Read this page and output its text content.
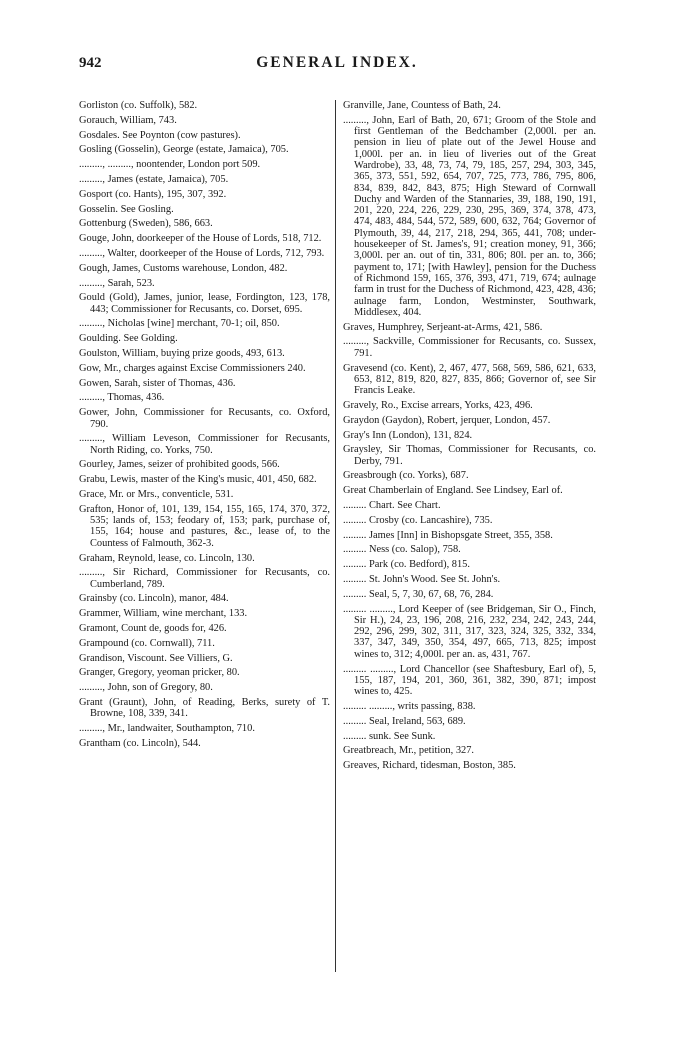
942	GENERAL INDEX.
Gorliston (co. Suffolk), 582.
Gorauch, William, 743.
Gosdales. See Poynton (cow pastures).
Gosling (Gosselin), George (estate, Jamaica), 705.
........., ........., noontender, London port 509.
........., James (estate, Jamaica), 705.
Gosport (co. Hants), 195, 307, 392.
Gosselin. See Gosling.
Gottenburg (Sweden), 586, 663.
Gouge, John, doorkeeper of the House of Lords, 518, 712.
........., Walter, doorkeeper of the House of Lords, 712, 793.
Gough, James, Customs warehouse, London, 482.
........., Sarah, 523.
Gould (Gold), James, junior, lease, Fordington, 123, 178, 443; Commissioner for Recusants, co. Dorset, 695.
........., Nicholas [wine] merchant, 70-1; oil, 850.
Goulding. See Golding.
Goulston, William, buying prize goods, 493, 613.
Gow, Mr., charges against Excise Commissioners 240.
Gowen, Sarah, sister of Thomas, 436.
........., Thomas, 436.
Gower, John, Commissioner for Recusants, co. Oxford, 790.
........., William Leveson, Commissioner for Recusants, North Riding, co. Yorks, 750.
Gourley, James, seizer of prohibited goods, 566.
Grabu, Lewis, master of the King's music, 401, 450, 682.
Grace, Mr. or Mrs., conventicle, 531.
Grafton, Honor of, 101, 139, 154, 155, 165, 174, 370, 372, 535; lands of, 153; feodary of, 153; park, purchase of, 155, 164; house and pastures, &c., lease of, to the Countess of Falmouth, 362-3.
Graham, Reynold, lease, co. Lincoln, 130.
........., Sir Richard, Commissioner for Recusants, co. Cumberland, 789.
Grainsby (co. Lincoln), manor, 484.
Grammer, William, wine merchant, 133.
Gramont, Count de, goods for, 426.
Grampound (co. Cornwall), 711.
Grandison, Viscount. See Villiers, G.
Granger, Gregory, yeoman pricker, 80.
........., John, son of Gregory, 80.
Grant (Graunt), John, of Reading, Berks, surety of T. Browne, 108, 339, 341.
........., Mr., landwaiter, Southampton, 710.
Grantham (co. Lincoln), 544.
Granville, Jane, Countess of Bath, 24.
........., John, Earl of Bath, 20, 671; Groom of the Stole and first Gentleman of the Bedchamber (2,000l. per an. pension in lieu of plate out of the Jewel House and 1,000l. per an. in lieu of liveries out of the Great Wardrobe), 33, 48, 73, 74, 79, 185, 257, 294, 303, 345, 365, 373, 551, 592, 654, 707, 725, 773, 786, 795, 806, 834, 839, 842, 843, 875; High Steward of Cornwall Duchy and Warden of the Stannaries, 39, 188, 190, 191, 201, 220, 224, 226, 229, 230, 295, 369, 374, 378, 473, 474, 483, 484, 544, 572, 589, 600, 632, 764; Governor of Plymouth, 39, 44, 217, 218, 294, 365, 441, 708; under-housekeeper of St. James's, 91; creation money, 91, 366; 3,000l. per an. out of tin, 331, 806; 80l. per an. to, 366; payment to, 171; [with Hawley], pension for the Duchess of Richmond 159, 165, 376, 393, 471, 719, 674; aulnage farm in trust for the Duchess of Richmond, 423, 428, 436; aulnage farm, London, Westminster, Southwark, Middlesex, 404.
Graves, Humphrey, Serjeant-at-Arms, 421, 586.
........., Sackville, Commissioner for Recusants, co. Sussex, 791.
Gravesend (co. Kent), 2, 467, 477, 568, 569, 586, 621, 633, 653, 812, 819, 820, 827, 835, 866; Governor of, see Sir Francis Leake.
Gravely, Ro., Excise arrears, Yorks, 423, 496.
Graydon (Gaydon), Robert, jerquer, London, 457.
Gray's Inn (London), 131, 824.
Graysley, Sir Thomas, Commissioner for Recusants, co. Derby, 791.
Greasbrough (co. Yorks), 687.
Great Chamberlain of England. See Lindsey, Earl of.
......... Chart. See Chart.
......... Crosby (co. Lancashire), 735.
......... James [Inn] in Bishopsgate Street, 355, 358.
......... Ness (co. Salop), 758.
......... Park (co. Bedford), 815.
......... St. John's Wood. See St. John's.
......... Seal, 5, 7, 30, 67, 68, 76, 284.
......... ........., Lord Keeper of (see Bridgeman, Sir O., Finch, Sir H.), 24, 23, 196, 208, 216, 232, 234, 242, 243, 244, 292, 296, 299, 302, 311, 317, 323, 324, 325, 332, 334, 337, 347, 349, 350, 354, 497, 665, 713, 825; impost wines to, 312; 4,000l. per an. as, 431, 767.
......... ........., Lord Chancellor (see Shaftesbury, Earl of), 5, 155, 187, 194, 201, 360, 361, 382, 390, 871; impost wines to, 425.
......... ........., writs passing, 838.
......... Seal, Ireland, 563, 689.
......... sunk. See Sunk.
Greatbreach, Mr., petition, 327.
Greaves, Richard, tidesman, Boston, 385.
